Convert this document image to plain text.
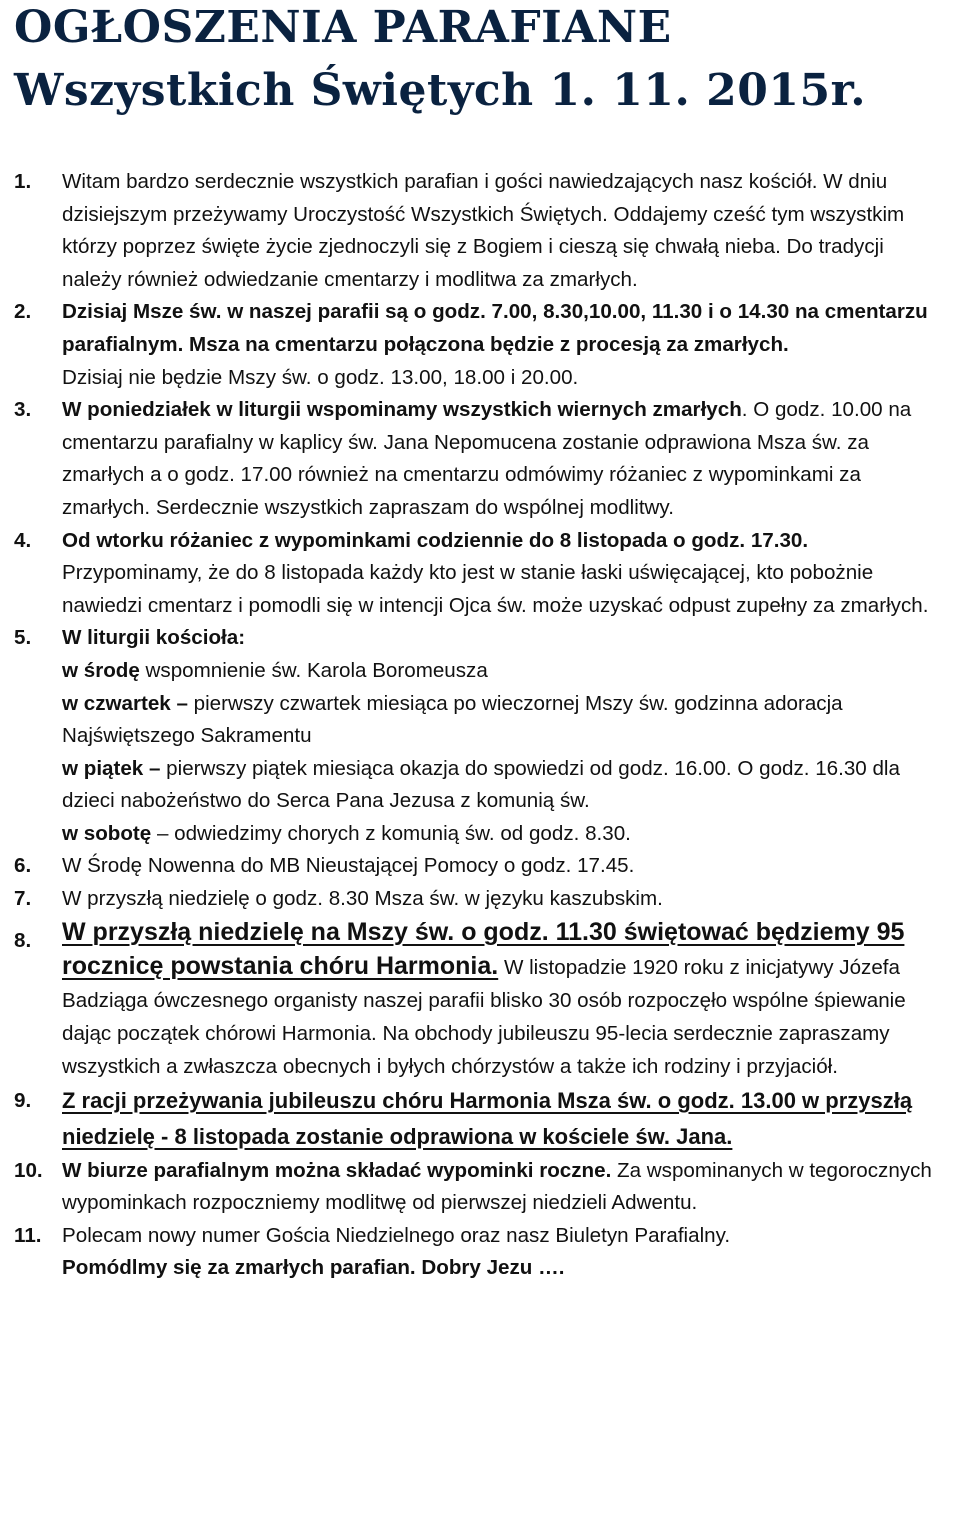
OGŁOSZENIA PARAFIANE
Wszystkich Świętych 1. 11. 2015r.
1. Witam bardzo serdecznie wszystkich parafian i gości nawiedzających nasz kościół. W dniu dzisiejszym przeżywamy Uroczystość Wszystkich Świętych. Oddajemy cześć tym wszystkim którzy poprzez święte życie zjednoczyli się z Bogiem i cieszą się chwałą nieba. Do tradycji należy również odwiedzanie cmentarzy i modlitwa za zmarłych.
2. Dzisiaj Msze św. w naszej parafii są o godz. 7.00, 8.30,10.00, 11.30 i o 14.30 na cmentarzu parafialnym. Msza na cmentarzu połączona będzie z procesją za zmarłych.
Dzisiaj nie będzie Mszy św. o godz. 13.00, 18.00 i 20.00.
3. W poniedziałek w liturgii wspominamy wszystkich wiernych zmarłych. O godz. 10.00 na cmentarzu parafialny w kaplicy św. Jana Nepomucena zostanie odprawiona Msza św. za zmarłych a o godz. 17.00 również na cmentarzu odmówimy różaniec z wypominkami za zmarłych. Serdecznie wszystkich zapraszam do wspólnej modlitwy.
4. Od wtorku różaniec z wypominkami codziennie do 8 listopada o godz. 17.30.
Przypominamy, że do 8 listopada każdy kto jest w stanie łaski uświęcającej, kto pobożnie nawiedzi cmentarz i pomodli się w intencji Ojca św. może uzyskać odpust zupełny za zmarłych.
5. W liturgii kościoła:
w środę wspomnienie św. Karola Boromeusza
w czwartek – pierwszy czwartek miesiąca po wieczornej Mszy św. godzinna adoracja Najświętszego Sakramentu
w piątek – pierwszy piątek miesiąca okazja do spowiedzi od godz. 16.00. O godz. 16.30 dla dzieci nabożeństwo do Serca Pana Jezusa z komunią św.
w sobotę – odwiedzimy chorych z komunią św. od godz. 8.30.
6. W Środę Nowenna do MB Nieustającej Pomocy o godz. 17.45.
7. W przyszłą niedzielę o godz. 8.30 Msza św. w języku kaszubskim.
8. W przyszłą niedzielę na Mszy św. o godz. 11.30 świętować będziemy 95 rocznicę powstania chóru Harmonia. W listopadzie 1920 roku z inicjatywy Józefa Badziąga ówczesnego organisty naszej parafii blisko 30 osób rozpoczęło wspólne śpiewanie dając początek chórowi Harmonia. Na obchody jubileuszu 95-lecia serdecznie zapraszamy wszystkich a zwłaszcza obecnych i byłych chórzystów a także ich rodziny i przyjaciół.
9. Z racji przeżywania jubileuszu chóru Harmonia Msza św. o godz. 13.00 w przyszłą niedzielę - 8 listopada zostanie odprawiona w kościele św. Jana.
10. W biurze parafialnym można składać wypominki roczne. Za wspominanych w tegorocznych wypominkach rozpoczniemy modlitwę od pierwszej niedzieli Adwentu.
11. Polecam nowy numer Gościa Niedzielnego oraz nasz Biuletyn Parafialny.
Pomódlmy się za zmarłych parafian. Dobry Jezu ….
